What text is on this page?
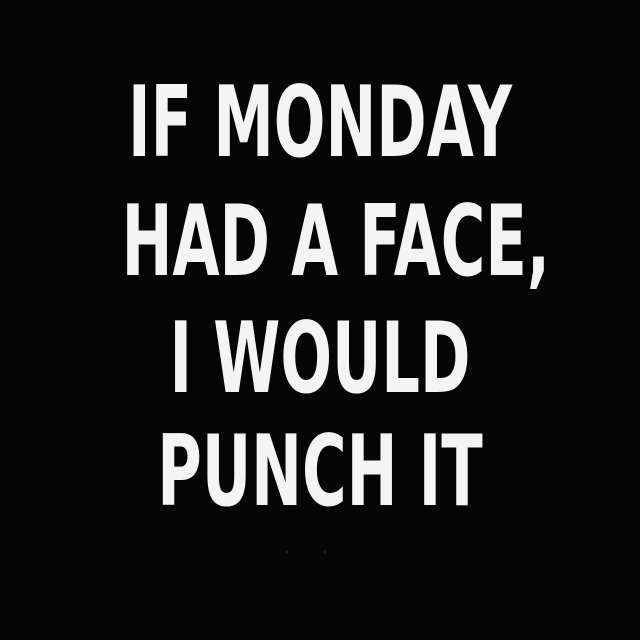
IF MONDAY
HAD A FACE,
I WOULD
PUNCH IT
